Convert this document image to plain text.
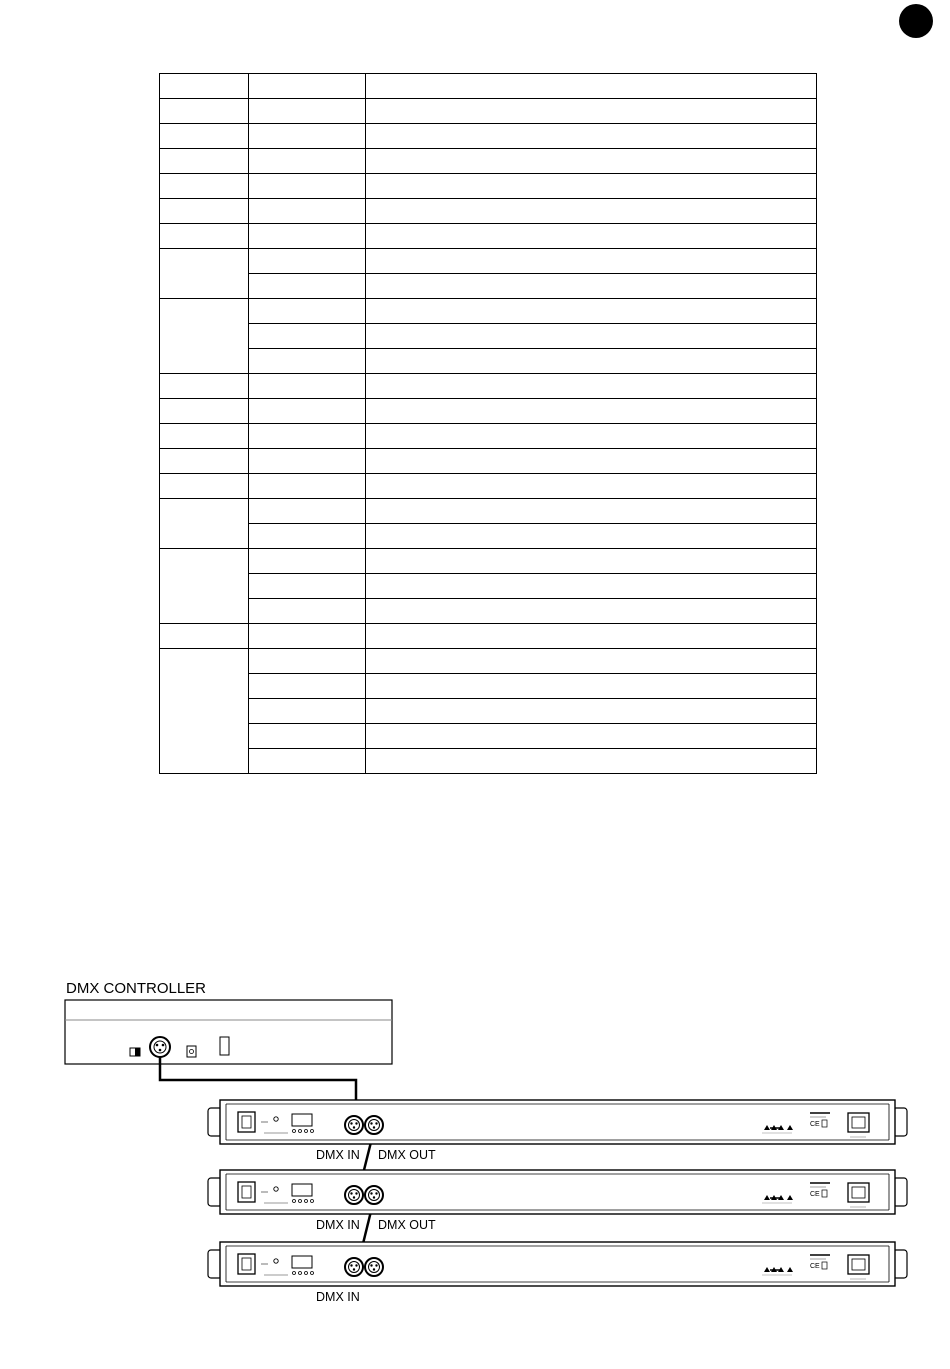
DMX CONTROLLER
CE
DMX IN DMX OUT
CE
DMX IN DMX OUT
CE
DMX IN
